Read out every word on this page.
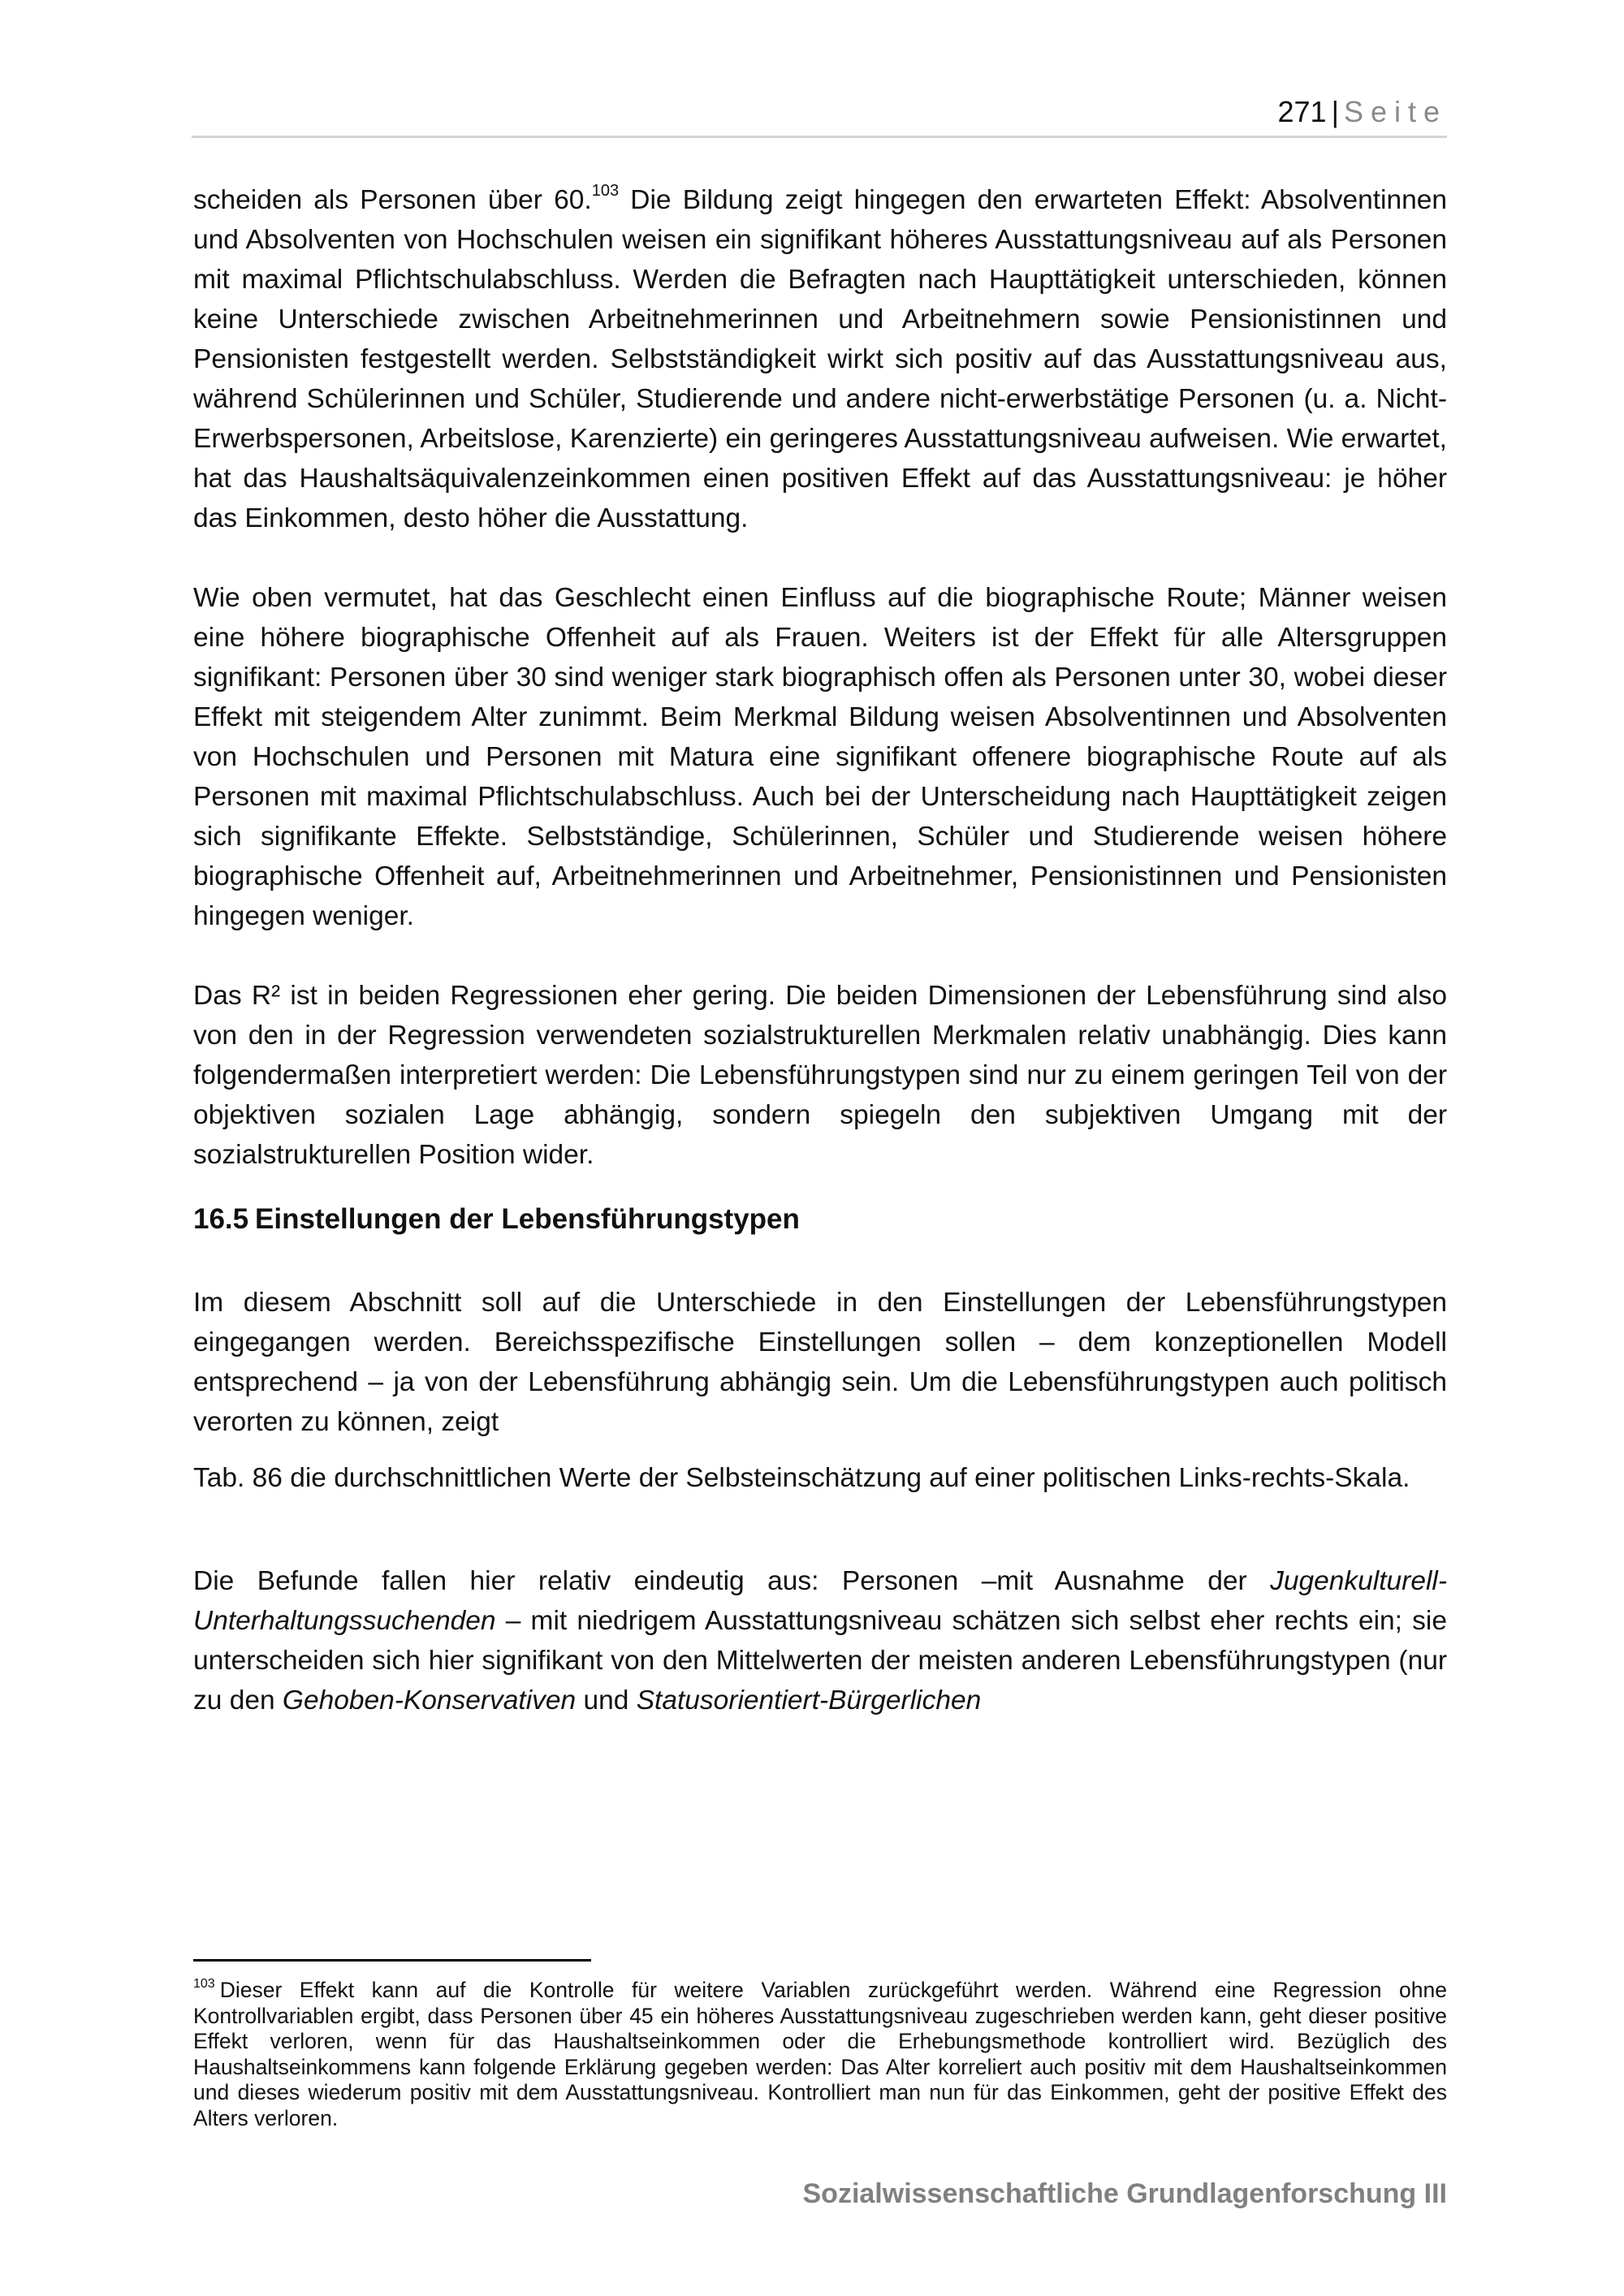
271 | Seite

scheiden als Personen über 60.$^{103}$ Die Bildung zeigt hingegen den erwarteten Effekt: Absolventinnen und Absolventen von Hochschulen weisen ein signifikant höheres Ausstattungsniveau auf als Personen mit maximal Pflichtschulabschluss. Werden die Befragten nach Haupttätigkeit unterschieden, können keine Unterschiede zwischen Arbeitnehmerinnen und Arbeitnehmern sowie Pensionistinnen und Pensionisten festgestellt werden. Selbstständigkeit wirkt sich positiv auf das Ausstattungsniveau aus, während Schülerinnen und Schüler, Studierende und andere nicht-erwerbstätige Personen (u. a. Nicht-Erwerbspersonen, Arbeitslose, Karenzierte) ein geringeres Ausstattungsniveau aufweisen. Wie erwartet, hat das Haushaltsäquivalenzeinkommen einen positiven Effekt auf das Ausstattungsniveau: je höher das Einkommen, desto höher die Ausstattung.

Wie oben vermutet, hat das Geschlecht einen Einfluss auf die biographische Route; Männer weisen eine höhere biographische Offenheit auf als Frauen. Weiters ist der Effekt für alle Altersgruppen signifikant: Personen über 30 sind weniger stark biographisch offen als Personen unter 30, wobei dieser Effekt mit steigendem Alter zunimmt. Beim Merkmal Bildung weisen Absolventinnen und Absolventen von Hochschulen und Personen mit Matura eine signifikant offenere biographische Route auf als Personen mit maximal Pflichtschulabschluss. Auch bei der Unterscheidung nach Haupttätigkeit zeigen sich signifikante Effekte. Selbstständige, Schülerinnen, Schüler und Studierende weisen höhere biographische Offenheit auf, Arbeitnehmerinnen und Arbeitnehmer, Pensionistinnen und Pensionisten hingegen weniger.

Das R² ist in beiden Regressionen eher gering. Die beiden Dimensionen der Lebensführung sind also von den in der Regression verwendeten sozialstrukturellen Merkmalen relativ unabhängig. Dies kann folgendermaßen interpretiert werden: Die Lebensführungstypen sind nur zu einem geringen Teil von der objektiven sozialen Lage abhängig, sondern spiegeln den subjektiven Umgang mit der sozialstrukturellen Position wider.

16.5 Einstellungen der Lebensführungstypen

Im diesem Abschnitt soll auf die Unterschiede in den Einstellungen der Lebensführungstypen eingegangen werden. Bereichsspezifische Einstellungen sollen – dem konzeptionellen Modell entsprechend – ja von der Lebensführung abhängig sein. Um die Lebensführungstypen auch politisch verorten zu können, zeigt

Tab. 86 die durchschnittlichen Werte der Selbsteinschätzung auf einer politischen Links-rechts-Skala.

Die Befunde fallen hier relativ eindeutig aus: Personen –mit Ausnahme der Jugenkulturell-Unterhaltungssuchenden – mit niedrigem Ausstattungsniveau schätzen sich selbst eher rechts ein; sie unterscheiden sich hier signifikant von den Mittelwerten der meisten anderen Lebensführungstypen (nur zu den Gehoben-Konservativen und Statusorientiert-Bürgerlichen

$^{103}$ Dieser Effekt kann auf die Kontrolle für weitere Variablen zurückgeführt werden. Während eine Regression ohne Kontrollvariablen ergibt, dass Personen über 45 ein höheres Ausstattungsniveau zugeschrieben werden kann, geht dieser positive Effekt verloren, wenn für das Haushaltseinkommen oder die Erhebungsmethode kontrolliert wird. Bezüglich des Haushaltseinkommens kann folgende Erklärung gegeben werden: Das Alter korreliert auch positiv mit dem Haushaltseinkommen und dieses wiederum positiv mit dem Ausstattungsniveau. Kontrolliert man nun für das Einkommen, geht der positive Effekt des Alters verloren.

Sozialwissenschaftliche Grundlagenforschung III
